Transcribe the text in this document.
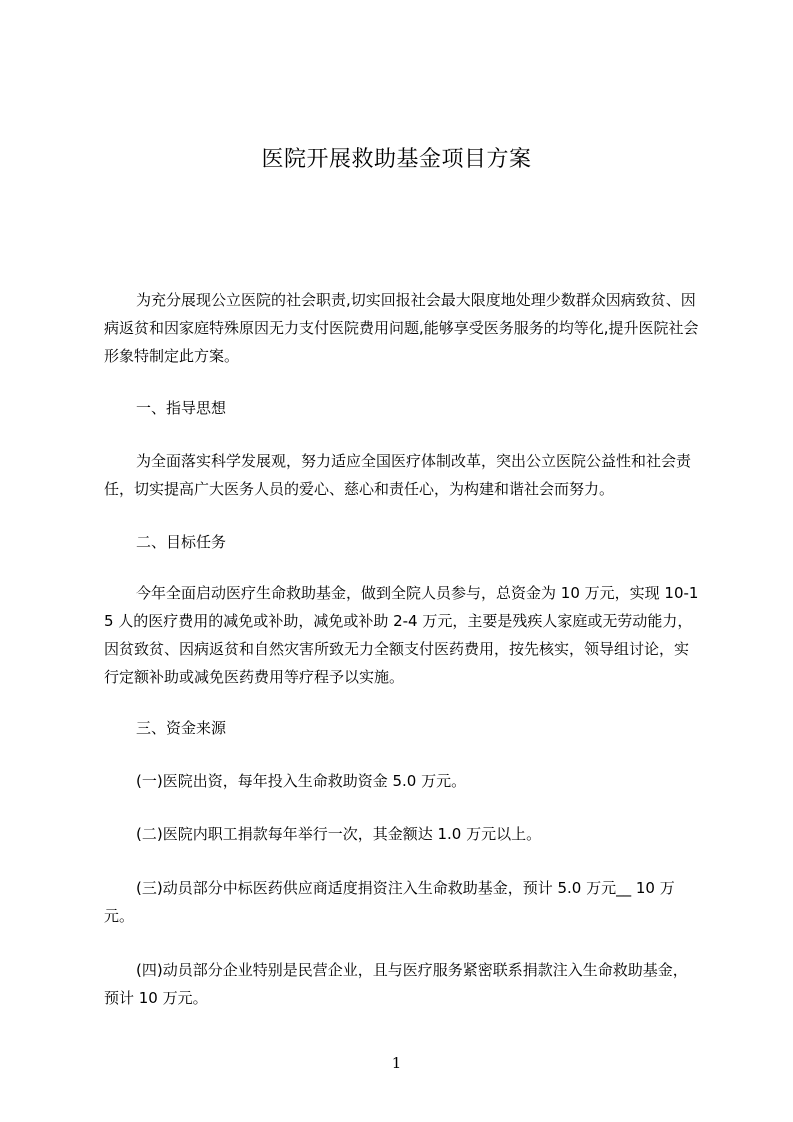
医院开展救助基金项目方案

为充分展现公立医院的社会职责,切实回报社会最大限度地处理少数群众因病致贫、因病返贫和因家庭特殊原因无力支付医院费用问题,能够享受医务服务的均等化,提升医院社会形象特制定此方案。

一、指导思想

为全面落实科学发展观，努力适应全国医疗体制改革，突出公立医院公益性和社会责任，切实提高广大医务人员的爱心、慈心和责任心，为构建和谐社会而努力。

二、目标任务

今年全面启动医疗生命救助基金，做到全院人员参与，总资金为 10 万元，实现 10-15 人的医疗费用的减免或补助，减免或补助 2-4 万元，主要是残疾人家庭或无劳动能力，因贫致贫、因病返贫和自然灾害所致无力全额支付医药费用，按先核实，领导组讨论，实行定额补助或减免医药费用等疗程予以实施。

三、资金来源

(一)医院出资，每年投入生命救助资金 5.0 万元。

(二)医院内职工捐款每年举行一次，其金额达 1.0 万元以上。

(三)动员部分中标医药供应商适度捐资注入生命救助基金，预计 5.0 万元__ 10 万元。

(四)动员部分企业特别是民营企业，且与医疗服务紧密联系捐款注入生命救助基金，预计 10 万元。

1
